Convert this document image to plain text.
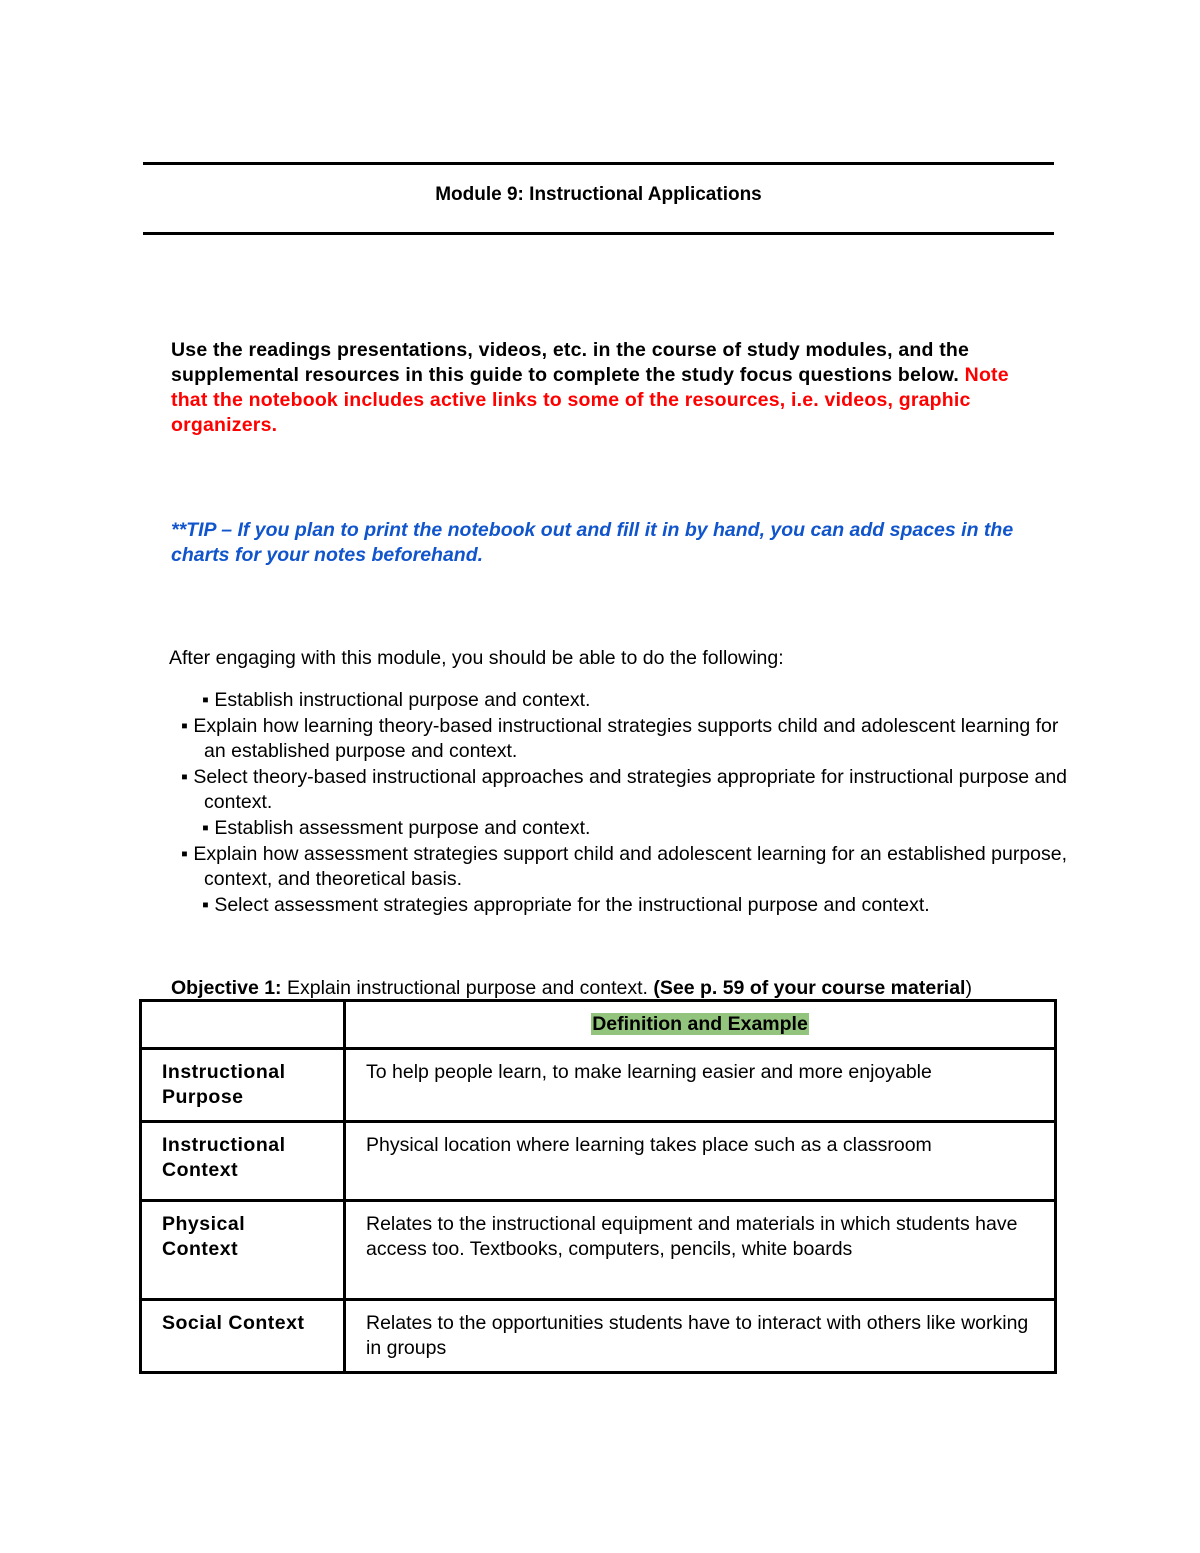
Module 9: Instructional Applications
Use the readings presentations, videos, etc. in the course of study modules, and the supplemental resources in this guide to complete the study focus questions below. Note that the notebook includes active links to some of the resources, i.e. videos, graphic organizers.
**TIP – If you plan to print the notebook out and fill it in by hand, you can add spaces in the charts for your notes beforehand.
After engaging with this module, you should be able to do the following:
▪ Establish instructional purpose and context.
▪ Explain how learning theory-based instructional strategies supports child and adolescent learning for an established purpose and context.
▪ Select theory-based instructional approaches and strategies appropriate for instructional purpose and context.
▪ Establish assessment purpose and context.
▪ Explain how assessment strategies support child and adolescent learning for an established purpose, context, and theoretical basis.
▪ Select assessment strategies appropriate for the instructional purpose and context.
Objective 1: Explain instructional purpose and context. (See p. 59 of your course material)
	Definition and Example
Instructional Purpose	To help people learn, to make learning easier and more enjoyable
Instructional Context	Physical location where learning takes place such as a classroom
Physical Context	Relates to the instructional equipment and materials in which students have access too. Textbooks, computers, pencils, white boards
Social Context	Relates to the opportunities students have to interact with others like working in groups
